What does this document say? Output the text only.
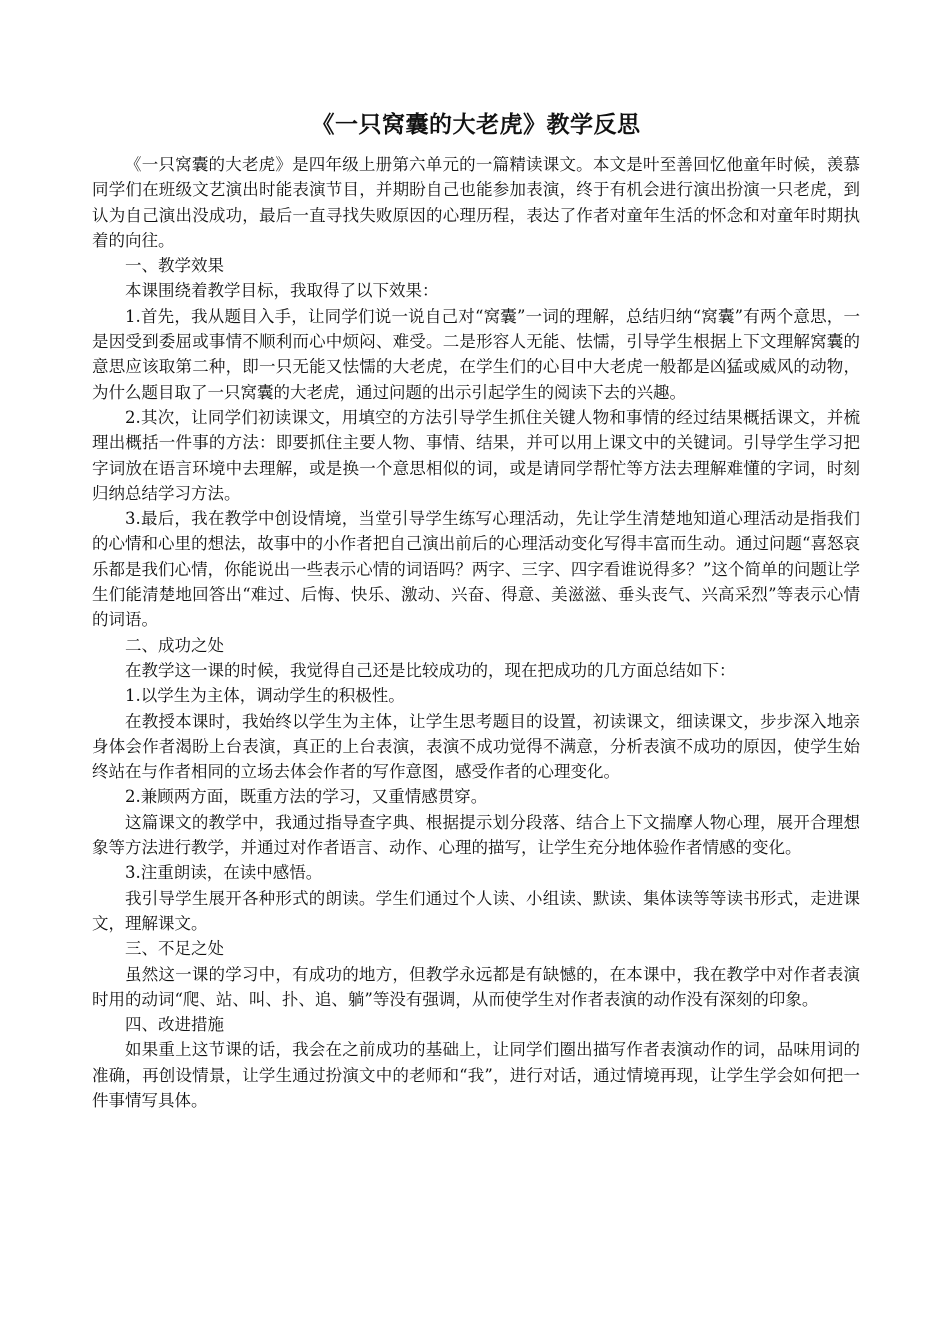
《一只窝囊的大老虎》教学反思

《一只窝囊的大老虎》是四年级上册第六单元的一篇精读课文。本文是叶至善回忆他童年时候，羡慕同学们在班级文艺演出时能表演节目，并期盼自己也能参加表演，终于有机会进行演出扮演一只老虎，到认为自己演出没成功，最后一直寻找失败原因的心理历程，表达了作者对童年生活的怀念和对童年时期执着的向往。

一、教学效果

本课围绕着教学目标，我取得了以下效果：

1.首先，我从题目入手，让同学们说一说自己对“窝囊”一词的理解，总结归纳“窝囊”有两个意思，一是因受到委屈或事情不顺利而心中烦闷、难受。二是形容人无能、怯懦，引导学生根据上下文理解窝囊的意思应该取第二种，即一只无能又怯懦的大老虎，在学生们的心目中大老虎一般都是凶猛或威风的动物，为什么题目取了一只窝囊的大老虎，通过问题的出示引起学生的阅读下去的兴趣。

2.其次，让同学们初读课文，用填空的方法引导学生抓住关键人物和事情的经过结果概括课文，并梳理出概括一件事的方法：即要抓住主要人物、事情、结果，并可以用上课文中的关键词。引导学生学习把字词放在语言环境中去理解，或是换一个意思相似的词，或是请同学帮忙等方法去理解难懂的字词，时刻归纳总结学习方法。

3.最后，我在教学中创设情境，当堂引导学生练写心理活动，先让学生清楚地知道心理活动是指我们的心情和心里的想法，故事中的小作者把自己演出前后的心理活动变化写得丰富而生动。通过问题“喜怒哀乐都是我们心情，你能说出一些表示心情的词语吗？两字、三字、四字看谁说得多？”这个简单的问题让学生们能清楚地回答出“难过、后悔、快乐、激动、兴奋、得意、美滋滋、垂头丧气、兴高采烈”等表示心情的词语。

二、成功之处

在教学这一课的时候，我觉得自己还是比较成功的，现在把成功的几方面总结如下：

1.以学生为主体，调动学生的积极性。

在教授本课时，我始终以学生为主体，让学生思考题目的设置，初读课文，细读课文，步步深入地亲身体会作者渴盼上台表演，真正的上台表演，表演不成功觉得不满意，分析表演不成功的原因，使学生始终站在与作者相同的立场去体会作者的写作意图，感受作者的心理变化。

2.兼顾两方面，既重方法的学习，又重情感贯穿。

这篇课文的教学中，我通过指导查字典、根据提示划分段落、结合上下文揣摩人物心理，展开合理想象等方法进行教学，并通过对作者语言、动作、心理的描写，让学生充分地体验作者情感的变化。

3.注重朗读，在读中感悟。

我引导学生展开各种形式的朗读。学生们通过个人读、小组读、默读、集体读等等读书形式，走进课文，理解课文。

三、不足之处

虽然这一课的学习中，有成功的地方，但教学永远都是有缺憾的，在本课中，我在教学中对作者表演时用的动词“爬、站、叫、扑、追、躺”等没有强调，从而使学生对作者表演的动作没有深刻的印象。

四、改进措施

如果重上这节课的话，我会在之前成功的基础上，让同学们圈出描写作者表演动作的词，品味用词的准确，再创设情景，让学生通过扮演文中的老师和“我”，进行对话，通过情境再现，让学生学会如何把一件事情写具体。
